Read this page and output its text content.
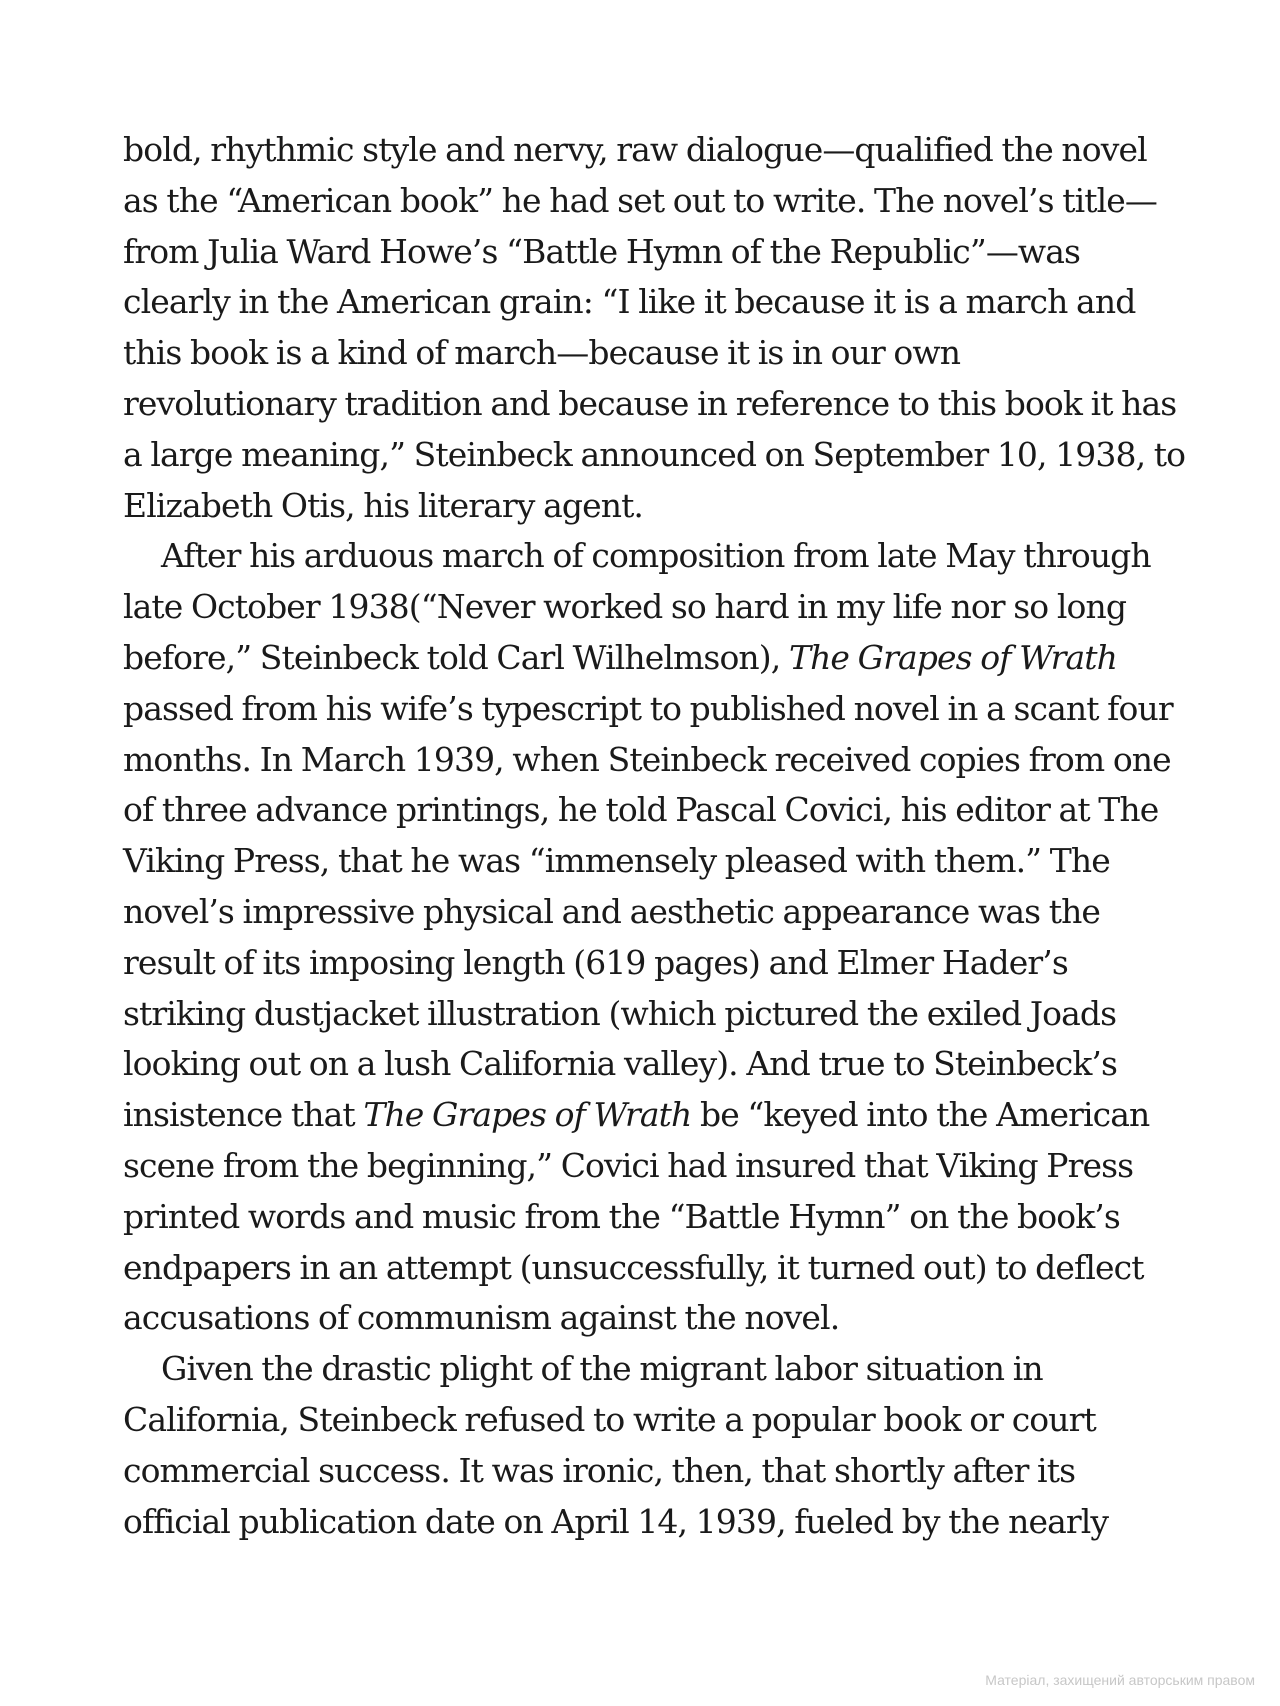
bold, rhythmic style and nervy, raw dialogue—qualified the novel
as the “American book” he had set out to write. The novel’s title—
from Julia Ward Howe’s “Battle Hymn of the Republic”—was
clearly in the American grain: “I like it because it is a march and
this book is a kind of march—because it is in our own
revolutionary tradition and because in reference to this book it has
a large meaning,” Steinbeck announced on September 10, 1938, to
Elizabeth Otis, his literary agent.
After his arduous march of composition from late May through
late October 1938(“Never worked so hard in my life nor so long
before,” Steinbeck told Carl Wilhelmson), The Grapes of Wrath
passed from his wife’s typescript to published novel in a scant four
months. In March 1939, when Steinbeck received copies from one
of three advance printings, he told Pascal Covici, his editor at The
Viking Press, that he was “immensely pleased with them.” The
novel’s impressive physical and aesthetic appearance was the
result of its imposing length (619 pages) and Elmer Hader’s
striking dustjacket illustration (which pictured the exiled Joads
looking out on a lush California valley). And true to Steinbeck’s
insistence that The Grapes of Wrath be “keyed into the American
scene from the beginning,” Covici had insured that Viking Press
printed words and music from the “Battle Hymn” on the book’s
endpapers in an attempt (unsuccessfully, it turned out) to deflect
accusations of communism against the novel.
Given the drastic plight of the migrant labor situation in
California, Steinbeck refused to write a popular book or court
commercial success. It was ironic, then, that shortly after its
official publication date on April 14, 1939, fueled by the nearly
Матеріал, захищений авторським правом
